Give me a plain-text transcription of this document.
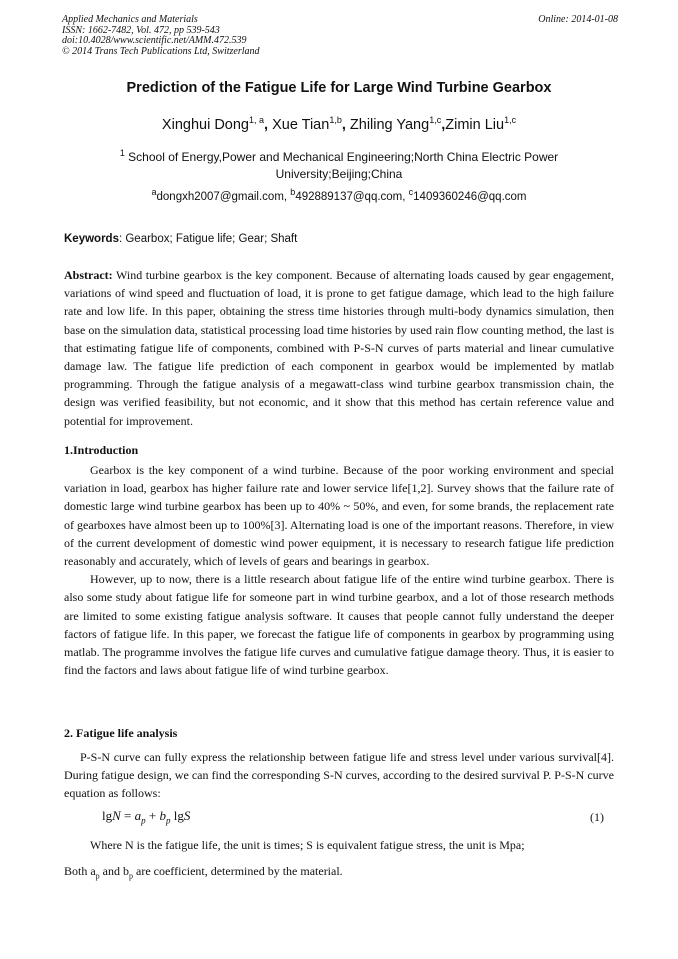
Applied Mechanics and Materials
ISSN: 1662-7482, Vol. 472, pp 539-543
doi:10.4028/www.scientific.net/AMM.472.539
© 2014 Trans Tech Publications Ltd, Switzerland
Online: 2014-01-08
Prediction of the Fatigue Life for Large Wind Turbine Gearbox
Xinghui Dong$^{1, a}$, Xue Tian$^{1,b}$, Zhiling Yang$^{1,c}$,Zimin Liu$^{1,c}$
$^1$ School of Energy,Power and Mechanical Engineering;North China Electric Power University;Beijing;China
$^a$dongxh2007@gmail.com, $^b$492889137@qq.com, $^c$1409360246@qq.com
Keywords: Gearbox; Fatigue life; Gear; Shaft
Abstract: Wind turbine gearbox is the key component. Because of alternating loads caused by gear engagement, variations of wind speed and fluctuation of load, it is prone to get fatigue damage, which lead to the high failure rate and low life. In this paper, obtaining the stress time histories through multi-body dynamics simulation, then base on the simulation data, statistical processing load time histories by used rain flow counting method, the last is that estimating fatigue life of components, combined with P-S-N curves of parts material and linear cumulative damage law. The fatigue life prediction of each component in gearbox would be implemented by matlab programming. Through the fatigue analysis of a megawatt-class wind turbine gearbox transmission chain, the design was verified feasibility, but not economic, and it show that this method has certain reference value and potential for improvement.
1.Introduction

Gearbox is the key component of a wind turbine. Because of the poor working environment and special variation in load, gearbox has higher failure rate and lower service life[1,2]. Survey shows that the failure rate of domestic large wind turbine gearbox has been up to 40% ~ 50%, and even, for some brands, the replacement rate of gearboxes have almost been up to 100%[3]. Alternating load is one of the important reasons. Therefore, in view of the current development of domestic wind power equipment, it is necessary to research fatigue life prediction reasonably and accurately, which of levels of gears and bearings in gearbox.

However, up to now, there is a little research about fatigue life of the entire wind turbine gearbox. There is also some study about fatigue life for someone part in wind turbine gearbox, and a lot of those research methods are limited to some existing fatigue analysis software. It causes that people cannot fully understand the deeper factors of fatigue life. In this paper, we forecast the fatigue life of components in gearbox by programming using matlab. The programme involves the fatigue life curves and cumulative fatigue damage theory. Thus, it is easier to find the factors and laws about fatigue life of wind turbine gearbox.

2. Fatigue life analysis

P-S-N curve can fully express the relationship between fatigue life and stress level under various survival[4]. During fatigue design, we can find the corresponding S-N curves, according to the desired survival P. P-S-N curve equation as follows:

$\lg N = a_p + b_p$ lgS	(1)
Where N is the fatigue life, the unit is times; S is equivalent fatigue stress, the unit is Mpa;
Both $a_p$ and $b_p$ are coefficient, determined by the material.
